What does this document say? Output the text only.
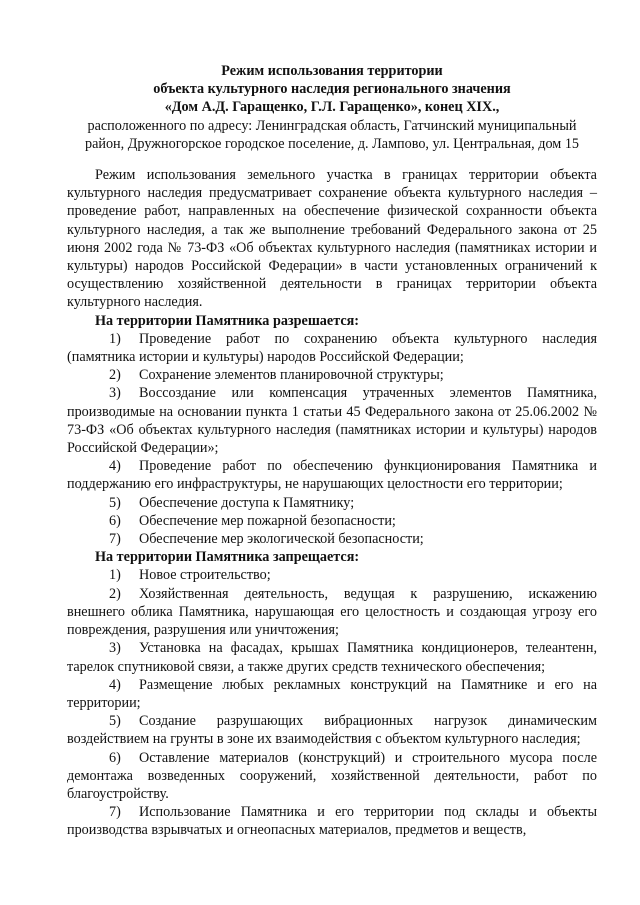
Режим использования территории
объекта культурного наследия регионального значения
«Дом А.Д. Гаращенко, Г.Л. Гаращенко», конец XIX.,
расположенного по адресу: Ленинградская область, Гатчинский муниципальный
район, Дружногорское городское поселение, д. Лампово, ул. Центральная, дом 15
Режим использования земельного участка в границах территории объекта культурного наследия предусматривает сохранение объекта культурного наследия – проведение работ, направленных на обеспечение физической сохранности объекта культурного наследия, а так же выполнение требований Федерального закона от 25 июня 2002 года № 73-ФЗ «Об объектах культурного наследия (памятниках истории и культуры) народов Российской Федерации» в части установленных ограничений к осуществлению хозяйственной деятельности в границах территории объекта культурного наследия.
На территории Памятника разрешается:
1) Проведение работ по сохранению объекта культурного наследия (памятника истории и культуры) народов Российской Федерации;
2) Сохранение элементов планировочной структуры;
3) Воссоздание или компенсация утраченных элементов Памятника, производимые на основании пункта 1 статьи 45 Федерального закона от 25.06.2002 № 73-ФЗ «Об объектах культурного наследия (памятниках истории и культуры) народов Российской Федерации»;
4) Проведение работ по обеспечению функционирования Памятника и поддержанию его инфраструктуры, не нарушающих целостности его территории;
5) Обеспечение доступа к Памятнику;
6) Обеспечение мер пожарной безопасности;
7) Обеспечение мер экологической безопасности;
На территории Памятника запрещается:
1) Новое строительство;
2) Хозяйственная деятельность, ведущая к разрушению, искажению внешнего облика Памятника, нарушающая его целостность и создающая угрозу его повреждения, разрушения или уничтожения;
3) Установка на фасадах, крышах Памятника кондиционеров, телеантенн, тарелок спутниковой связи, а также других средств технического обеспечения;
4) Размещение любых рекламных конструкций на Памятнике и его на территории;
5) Создание разрушающих вибрационных нагрузок динамическим воздействием на грунты в зоне их взаимодействия с объектом культурного наследия;
6) Оставление материалов (конструкций) и строительного мусора после демонтажа возведенных сооружений, хозяйственной деятельности, работ по благоустройству.
7) Использование Памятника и его территории под склады и объекты производства взрывчатых и огнеопасных материалов, предметов и веществ,
